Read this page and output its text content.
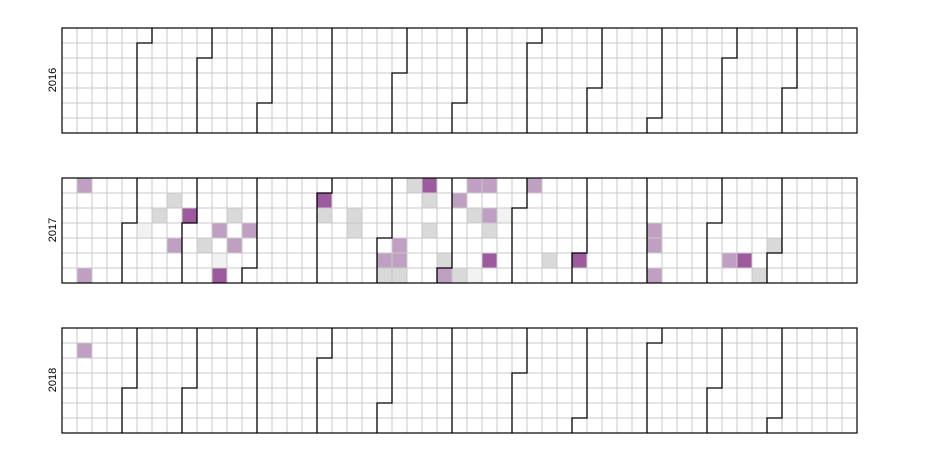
2016
2017
2018
